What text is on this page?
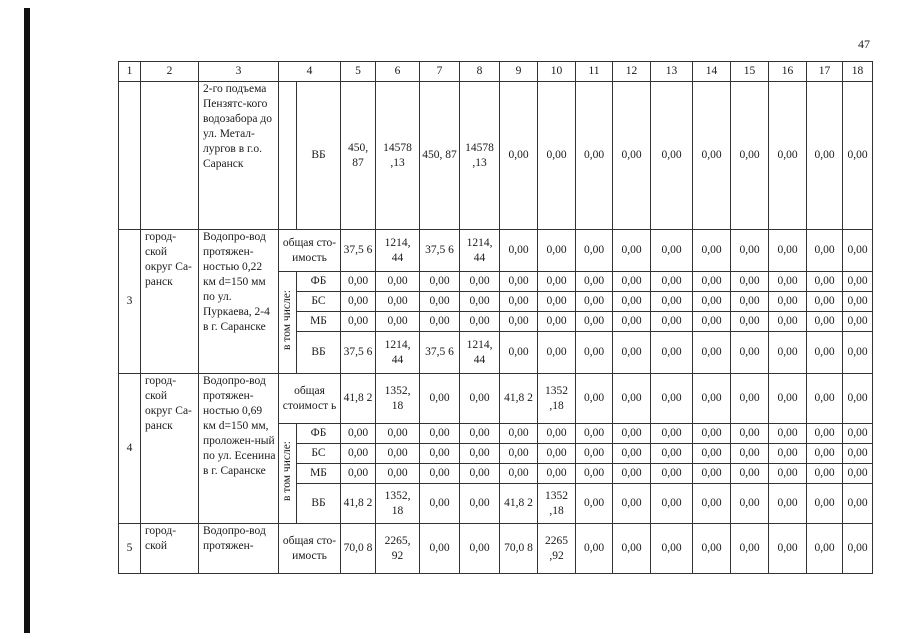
47
1	2	3	4		5	6	7	8	9	10	11	12	13	14	15	16	17	18
		2-го подъема Пензятс-кого водозабора до ул. Метал-лургов в г.о. Саранск		ВБ	450, 87	14578 ,13	450, 87	14578 ,13	0,00	0,00	0,00	0,00	0,00	0,00	0,00	0,00	0,00	0,00
3	город-ской округ Са-ранск	Водопро-вод протяжен-ностью 0,22 км d=150 мм по ул. Пуркаева, 2-4 в г. Саранске	общая сто-имость		37,5 6	1214, 44	37,5 6	1214, 44	0,00	0,00	0,00	0,00	0,00	0,00	0,00	0,00	0,00	0,00
			в том числе:	ФБ	0,00	0,00	0,00	0,00	0,00	0,00	0,00	0,00	0,00	0,00	0,00	0,00	0,00	0,00
				БС	0,00	0,00	0,00	0,00	0,00	0,00	0,00	0,00	0,00	0,00	0,00	0,00	0,00	0,00
				МБ	0,00	0,00	0,00	0,00	0,00	0,00	0,00	0,00	0,00	0,00	0,00	0,00	0,00	0,00
				ВБ	37,5 6	1214, 44	37,5 6	1214, 44	0,00	0,00	0,00	0,00	0,00	0,00	0,00	0,00	0,00	0,00
4	город-ской округ Са-ранск	Водопро-вод протяжен-ностью 0,69 км d=150 мм, проложен-ный по ул. Есенина в г. Саранске	общая стоимост ь		41,8 2	1352, 18	0,00	0,00	41,8 2	1352 ,18	0,00	0,00	0,00	0,00	0,00	0,00	0,00	0,00
			в том числе:	ФБ	0,00	0,00	0,00	0,00	0,00	0,00	0,00	0,00	0,00	0,00	0,00	0,00	0,00	0,00
				БС	0,00	0,00	0,00	0,00	0,00	0,00	0,00	0,00	0,00	0,00	0,00	0,00	0,00	0,00
				МБ	0,00	0,00	0,00	0,00	0,00	0,00	0,00	0,00	0,00	0,00	0,00	0,00	0,00	0,00
				ВБ	41,8 2	1352, 18	0,00	0,00	41,8 2	1352 ,18	0,00	0,00	0,00	0,00	0,00	0,00	0,00	0,00
5	город-ской	Водопро-вод протяжен-	общая сто-имость		70,0 8	2265, 92	0,00	0,00	70,0 8	2265 ,92	0,00	0,00	0,00	0,00	0,00	0,00	0,00	0,00
